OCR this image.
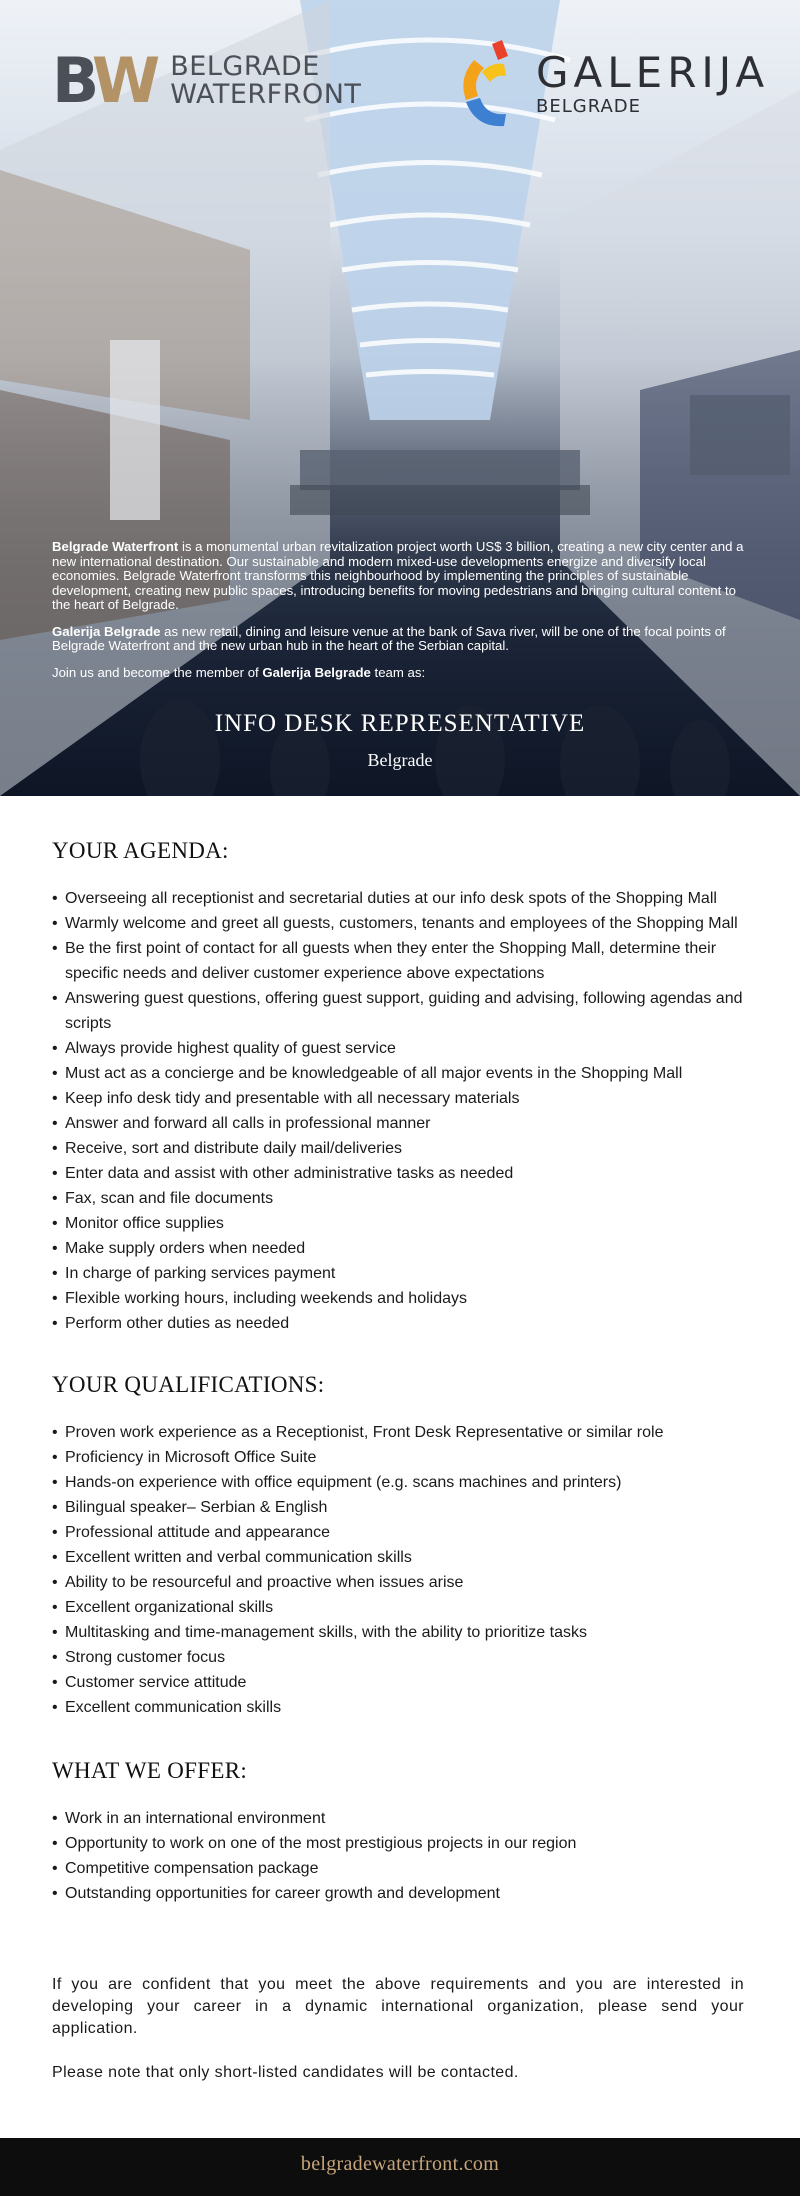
BW BELGRADE
WATERFRONT	GALERIJA
BELGRADE

Belgrade Waterfront is a monumental urban revitalization project worth US$ 3 billion, creating a new city center and a new international destination. Our sustainable and modern mixed-use developments energize and diversify local economies. Belgrade Waterfront transforms this neighbourhood by implementing the principles of sustainable development, creating new public spaces, introducing benefits for moving pedestrians and bringing cultural content to the heart of Belgrade.

Galerija Belgrade as new retail, dining and leisure venue at the bank of Sava river, will be one of the focal points of Belgrade Waterfront and the new urban hub in the heart of the Serbian capital.

Join us and become the member of Galerija Belgrade team as:

INFO DESK REPRESENTATIVE
Belgrade
YOUR AGENDA:
• Overseeing all receptionist and secretarial duties at our info desk spots of the Shopping Mall
• Warmly welcome and greet all guests, customers, tenants and employees of the Shopping Mall
• Be the first point of contact for all guests when they enter the Shopping Mall, determine their specific needs and deliver customer experience above expectations
• Answering guest questions, offering guest support, guiding and advising, following agendas and scripts
• Always provide highest quality of guest service
• Must act as a concierge and be knowledgeable of all major events in the Shopping Mall
• Keep info desk tidy and presentable with all necessary materials
• Answer and forward all calls in professional manner
• Receive, sort and distribute daily mail/deliveries
• Enter data and assist with other administrative tasks as needed
• Fax, scan and file documents
• Monitor office supplies
• Make supply orders when needed
• In charge of parking services payment
• Flexible working hours, including weekends and holidays
• Perform other duties as needed
YOUR QUALIFICATIONS:
• Proven work experience as a Receptionist, Front Desk Representative or similar role
• Proficiency in Microsoft Office Suite
• Hands-on experience with office equipment (e.g. scans machines and printers)
• Bilingual speaker– Serbian & English
• Professional attitude and appearance
• Excellent written and verbal communication skills
• Ability to be resourceful and proactive when issues arise
• Excellent organizational skills
• Multitasking and time-management skills, with the ability to prioritize tasks
• Strong customer focus
• Customer service attitude
• Excellent communication skills
WHAT WE OFFER:
• Work in an international environment
• Opportunity to work on one of the most prestigious projects in our region
• Competitive compensation package
• Outstanding opportunities for career growth and development

If you are confident that you meet the above requirements and you are interested in developing your career in a dynamic international organization, please send your application.

Please note that only short-listed candidates will be contacted.

belgradewaterfront.com
